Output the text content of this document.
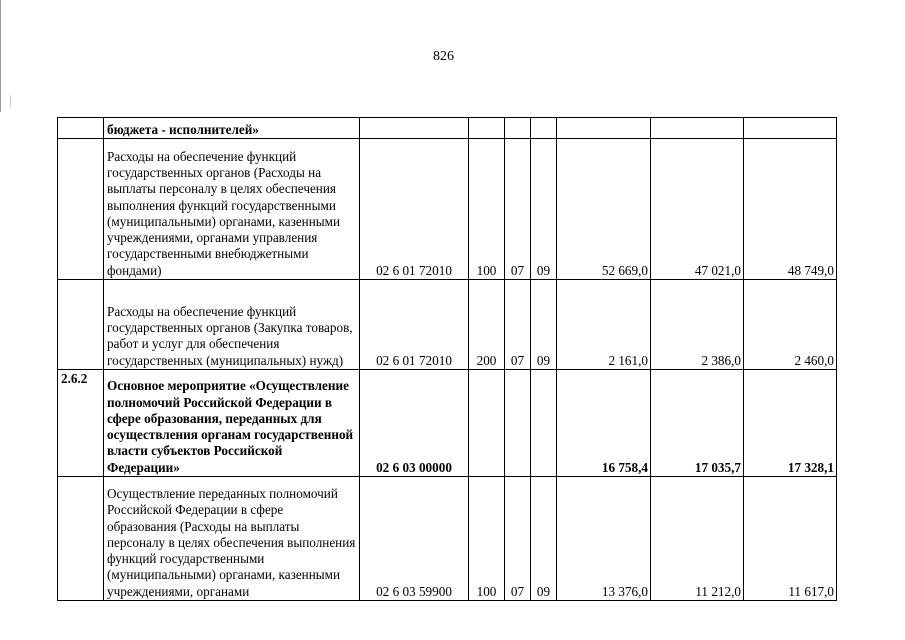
826
	бюджета - исполнителей»							
	Расходы на обеспечение функций государственных органов (Расходы на выплаты персоналу в целях обеспечения выполнения функций государственными (муниципальными) органами, казенными учреждениями, органами управления государственными внебюджетными фондами)	02 6 01 72010	100	07	09	52 669,0	47 021,0	48 749,0
	Расходы на обеспечение функций государственных органов (Закупка товаров, работ и услуг для обеспечения государственных (муниципальных) нужд)	02 6 01 72010	200	07	09	2 161,0	2 386,0	2 460,0
2.6.2	Основное мероприятие «Осуществление полномочий Российской Федерации в сфере образования, переданных для осуществления органам государственной власти субъектов Российской Федерации»	02 6 03 00000				16 758,4	17 035,7	17 328,1
	Осуществление переданных полномочий Российской Федерации в сфере образования (Расходы на выплаты персоналу в целях обеспечения выполнения функций государственными (муниципальными) органами, казенными учреждениями, органами	02 6 03 59900	100	07	09	13 376,0	11 212,0	11 617,0
